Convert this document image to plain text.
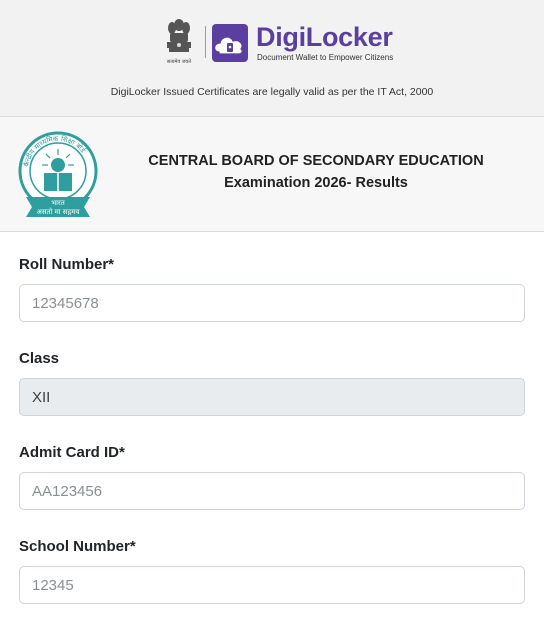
सत्यमेव जयते
DigiLocker
Document Wallet to Empower Citizens
DigiLocker Issued Certificates are legally valid as per the IT Act, 2000
केन्द्रीय माध्यमिक शिक्षा बोर्ड
भारत
असतो मा सद्गमय
CENTRAL BOARD OF SECONDARY EDUCATION
Examination 2026- Results
Roll Number*
12345678
Class
XII
Admit Card ID*
AA123456
School Number*
12345
